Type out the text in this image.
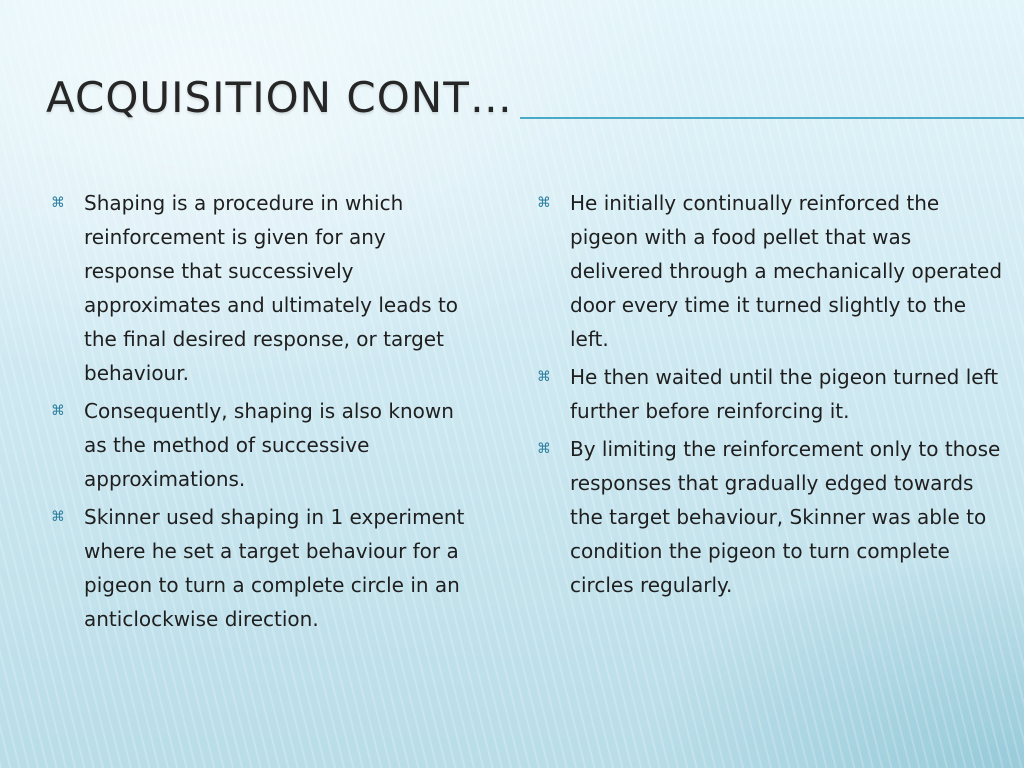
ACQUISITION CONT…
⌘ Shaping is a procedure in which reinforcement is given for any response that successively approximates and ultimately leads to the final desired response, or target behaviour.
⌘ Consequently, shaping is also known as the method of successive approximations.
⌘ Skinner used shaping in 1 experiment where he set a target behaviour for a pigeon to turn a complete circle in an anticlockwise direction.
⌘ He initially continually reinforced the pigeon with a food pellet that was delivered through a mechanically operated door every time it turned slightly to the left.
⌘ He then waited until the pigeon turned left further before reinforcing it.
⌘ By limiting the reinforcement only to those responses that gradually edged towards the target behaviour, Skinner was able to condition the pigeon to turn complete circles regularly.
